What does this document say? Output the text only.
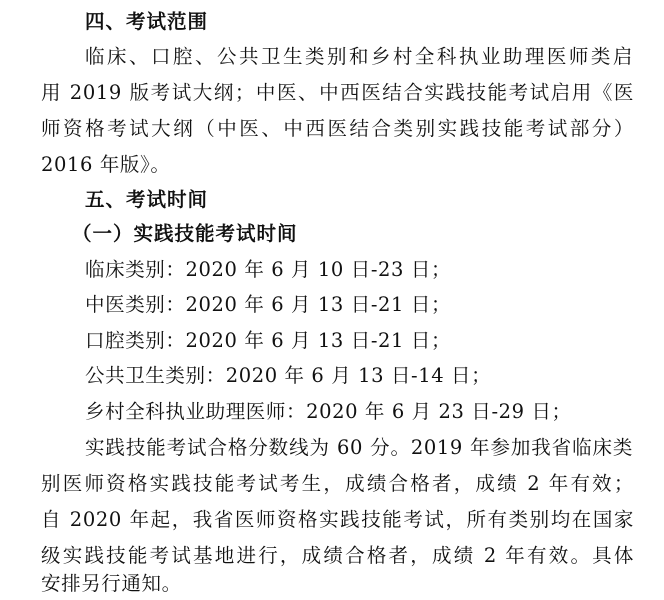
四、考试范围
临床、口腔、公共卫生类别和乡村全科执业助理医师类启
用 2019 版考试大纲；中医、中西医结合实践技能考试启用《医
师资格考试大纲（中医、中西医结合类别实践技能考试部分）
2016 年版》。
五、考试时间
（一）实践技能考试时间
临床类别：2020 年 6 月 10 日-23 日；
中医类别：2020 年 6 月 13 日-21 日；
口腔类别：2020 年 6 月 13 日-21 日；
公共卫生类别：2020 年 6 月 13 日-14 日；
乡村全科执业助理医师：2020 年 6 月 23 日-29 日；
实践技能考试合格分数线为 60 分。2019 年参加我省临床类
别医师资格实践技能考试考生，成绩合格者，成绩 2 年有效；
自 2020 年起，我省医师资格实践技能考试，所有类别均在国家
级实践技能考试基地进行，成绩合格者，成绩 2 年有效。具体
安排另行通知。
